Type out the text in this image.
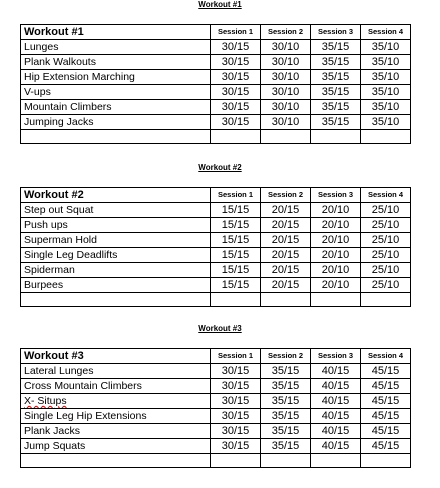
Workout #1
Workout #1	Session 1	Session 2	Session 3	Session 4
Lunges	30/15	30/10	35/15	35/10
Plank Walkouts	30/15	30/10	35/15	35/10
Hip Extension Marching	30/15	30/10	35/15	35/10
V-ups	30/15	30/10	35/15	35/10
Mountain Climbers	30/15	30/10	35/15	35/10
Jumping Jacks	30/15	30/10	35/15	35/10

Workout #2
Workout #2	Session 1	Session 2	Session 3	Session 4
Step out Squat	15/15	20/15	20/10	25/10
Push ups	15/15	20/15	20/10	25/10
Superman Hold	15/15	20/15	20/10	25/10
Single Leg Deadlifts	15/15	20/15	20/10	25/10
Spiderman	15/15	20/15	20/10	25/10
Burpees	15/15	20/15	20/10	25/10

Workout #3
Workout #3	Session 1	Session 2	Session 3	Session 4
Lateral Lunges	30/15	35/15	40/15	45/15
Cross Mountain Climbers	30/15	35/15	40/15	45/15
X- Situps	30/15	35/15	40/15	45/15
Single Leg Hip Extensions	30/15	35/15	40/15	45/15
Plank Jacks	30/15	35/15	40/15	45/15
Jump Squats	30/15	35/15	40/15	45/15
